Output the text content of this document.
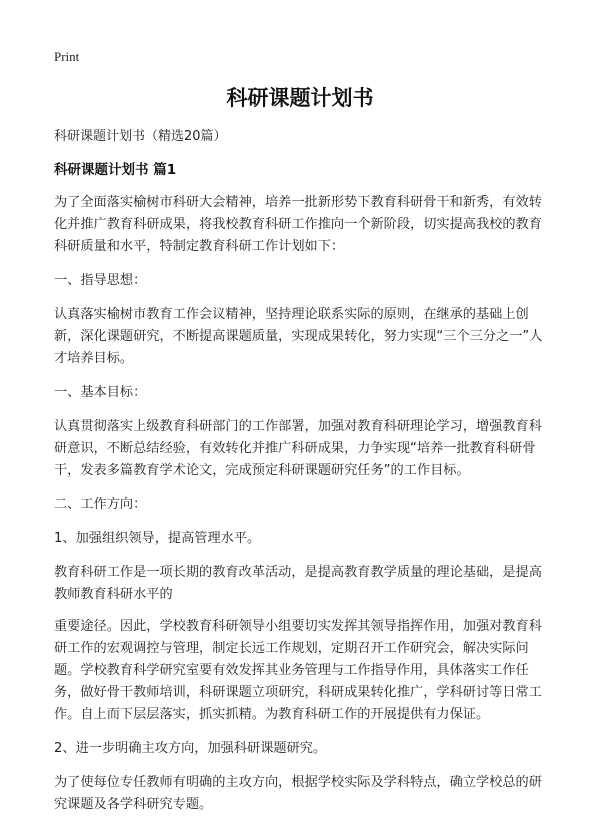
Print
科研课题计划书

科研课题计划书（精选20篇）

科研课题计划书 篇1

为了全面落实榆树市科研大会精神，培养一批新形势下教育科研骨干和新秀，有效转化并推广教育科研成果，将我校教育科研工作推向一个新阶段，切实提高我校的教育科研质量和水平，特制定教育科研工作计划如下：

一、指导思想：

认真落实榆树市教育工作会议精神，坚持理论联系实际的原则，在继承的基础上创新，深化课题研究，不断提高课题质量，实现成果转化，努力实现“三个三分之一”人才培养目标。

一、基本目标：

认真贯彻落实上级教育科研部门的工作部署，加强对教育科研理论学习，增强教育科研意识，不断总结经验，有效转化并推广科研成果，力争实现“培养一批教育科研骨干，发表多篇教育学术论文，完成预定科研课题研究任务”的工作目标。

二、工作方向：

1、加强组织领导，提高管理水平。

教育科研工作是一项长期的教育改革活动，是提高教育教学质量的理论基础，是提高教师教育科研水平的

重要途径。因此，学校教育科研领导小组要切实发挥其领导指挥作用，加强对教育科研工作的宏观调控与管理，制定长远工作规划，定期召开工作研究会，解决实际问题。学校教育科学研究室要有效发挥其业务管理与工作指导作用，具体落实工作任务，做好骨干教师培训，科研课题立项研究，科研成果转化推广，学科研讨等日常工作。自上而下层层落实，抓实抓精。为教育科研工作的开展提供有力保证。

2、进一步明确主攻方向，加强科研课题研究。

为了使每位专任教师有明确的主攻方向，根据学校实际及学科特点，确立学校总的研究课题及各学科研究专题。
